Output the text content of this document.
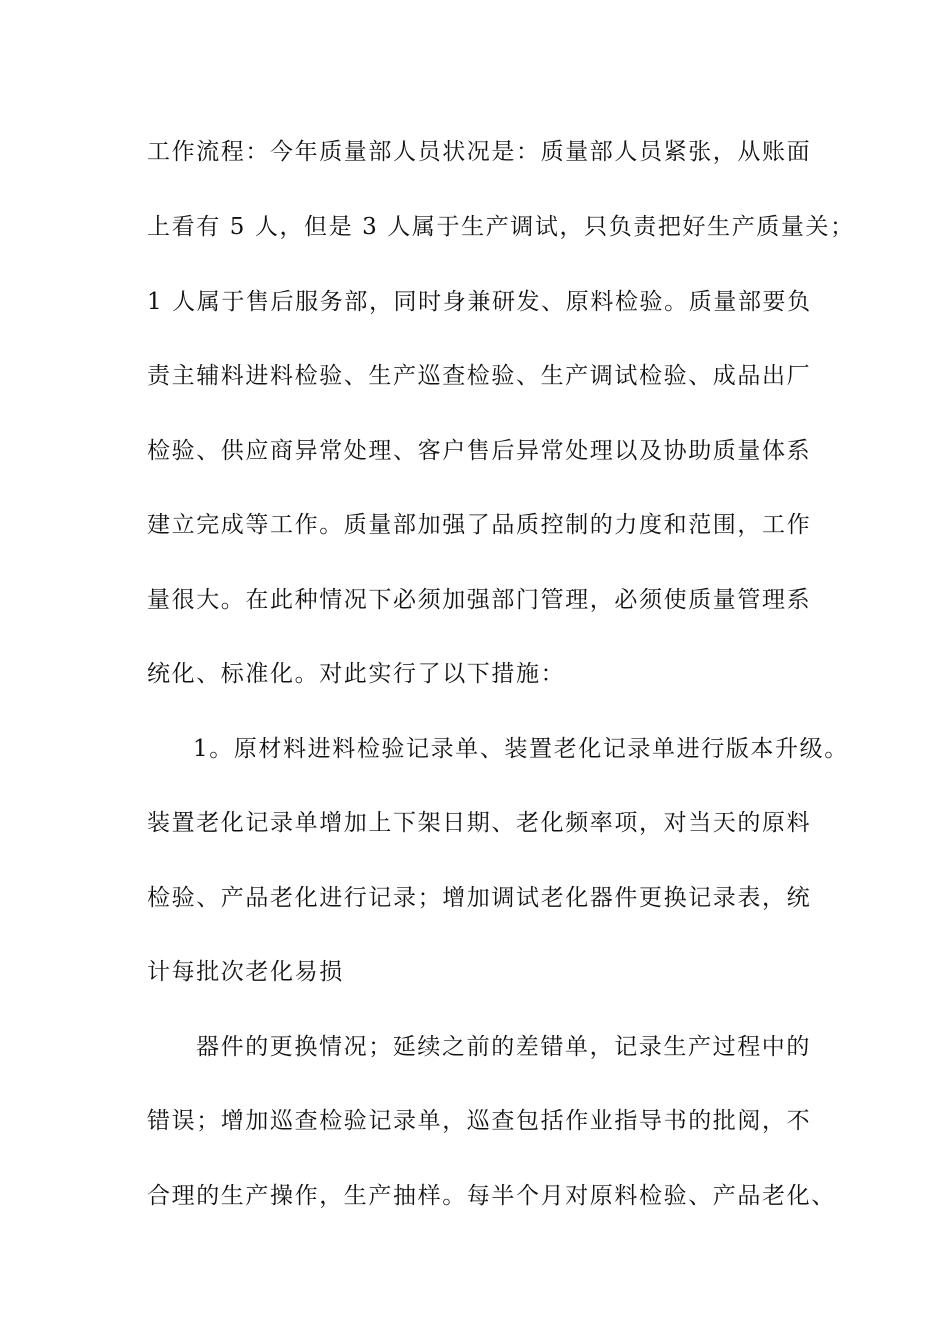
工作流程：今年质量部人员状况是：质量部人员紧张，从账面
上看有 5 人，但是 3 人属于生产调试，只负责把好生产质量关；
1 人属于售后服务部，同时身兼研发、原料检验。质量部要负
责主辅料进料检验、生产巡查检验、生产调试检验、成品出厂
检验、供应商异常处理、客户售后异常处理以及协助质量体系
建立完成等工作。质量部加强了品质控制的力度和范围，工作
量很大。在此种情况下必须加强部门管理，必须使质量管理系
统化、标准化。对此实行了以下措施：
1。原材料进料检验记录单、装置老化记录单进行版本升级。
装置老化记录单增加上下架日期、老化频率项，对当天的原料
检验、产品老化进行记录；增加调试老化器件更换记录表，统
计每批次老化易损
器件的更换情况；延续之前的差错单，记录生产过程中的
错误；增加巡查检验记录单，巡查包括作业指导书的批阅，不
合理的生产操作，生产抽样。每半个月对原料检验、产品老化、
